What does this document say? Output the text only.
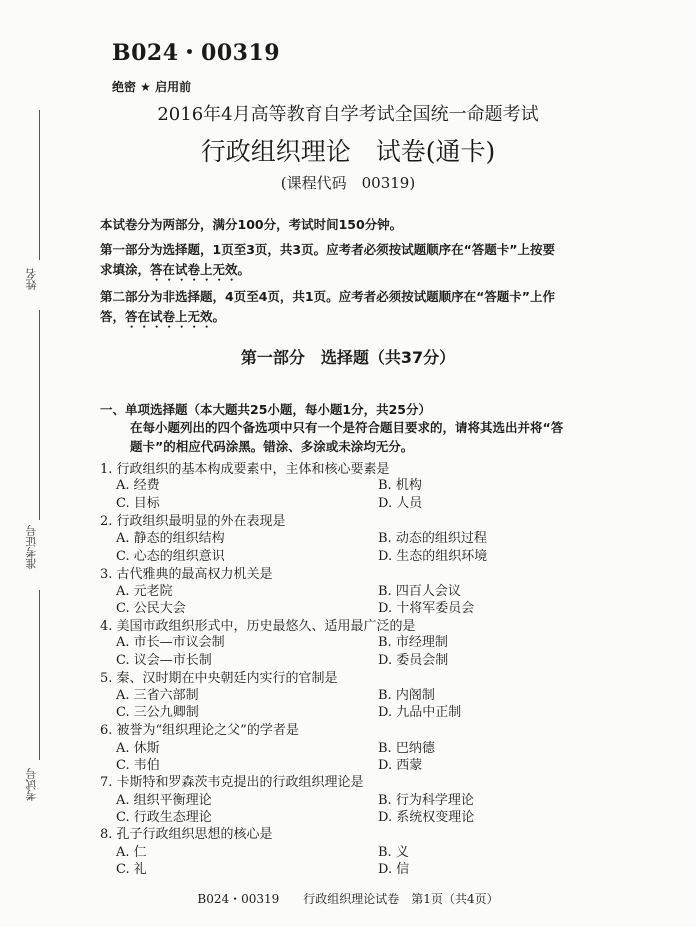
姓名
准考证号
考试号
B024・00319
绝密 ★ 启用前
2016年4月高等教育自学考试全国统一命题考试
行政组织理论　试卷(通卡)
(课程代码　00319)
本试卷分为两部分，满分100分，考试时间150分钟。
第一部分为选择题，1页至3页，共3页。应考者必须按试题顺序在“答题卡”上按要
求填涂，答在试卷上无效。
第二部分为非选择题，4页至4页，共1页。应考者必须按试题顺序在“答题卡”上作
答，答在试卷上无效。
第一部分　选择题（共37分）
一、单项选择题（本大题共25小题，每小题1分，共25分）
在每小题列出的四个备选项中只有一个是符合题目要求的，请将其选出并将“答
题卡”的相应代码涂黑。错涂、多涂或未涂均无分。
1. 行政组织的基本构成要素中，主体和核心要素是
A. 经费	B. 机构
C. 目标	D. 人员
2. 行政组织最明显的外在表现是
A. 静态的组织结构	B. 动态的组织过程
C. 心态的组织意识	D. 生态的组织环境
3. 古代雅典的最高权力机关是
A. 元老院	B. 四百人会议
C. 公民大会	D. 十将军委员会
4. 美国市政组织形式中，历史最悠久、适用最广泛的是
A. 市长—市议会制	B. 市经理制
C. 议会—市长制	D. 委员会制
5. 秦、汉时期在中央朝廷内实行的官制是
A. 三省六部制	B. 内阁制
C. 三公九卿制	D. 九品中正制
6. 被誉为“组织理论之父”的学者是
A. 休斯	B. 巴纳德
C. 韦伯	D. 西蒙
7. 卡斯特和罗森茨韦克提出的行政组织理论是
A. 组织平衡理论	B. 行为科学理论
C. 行政生态理论	D. 系统权变理论
8. 孔子行政组织思想的核心是
A. 仁	B. 义
C. 礼	D. 信
B024・00319　　行政组织理论试卷　第1页（共4页）
